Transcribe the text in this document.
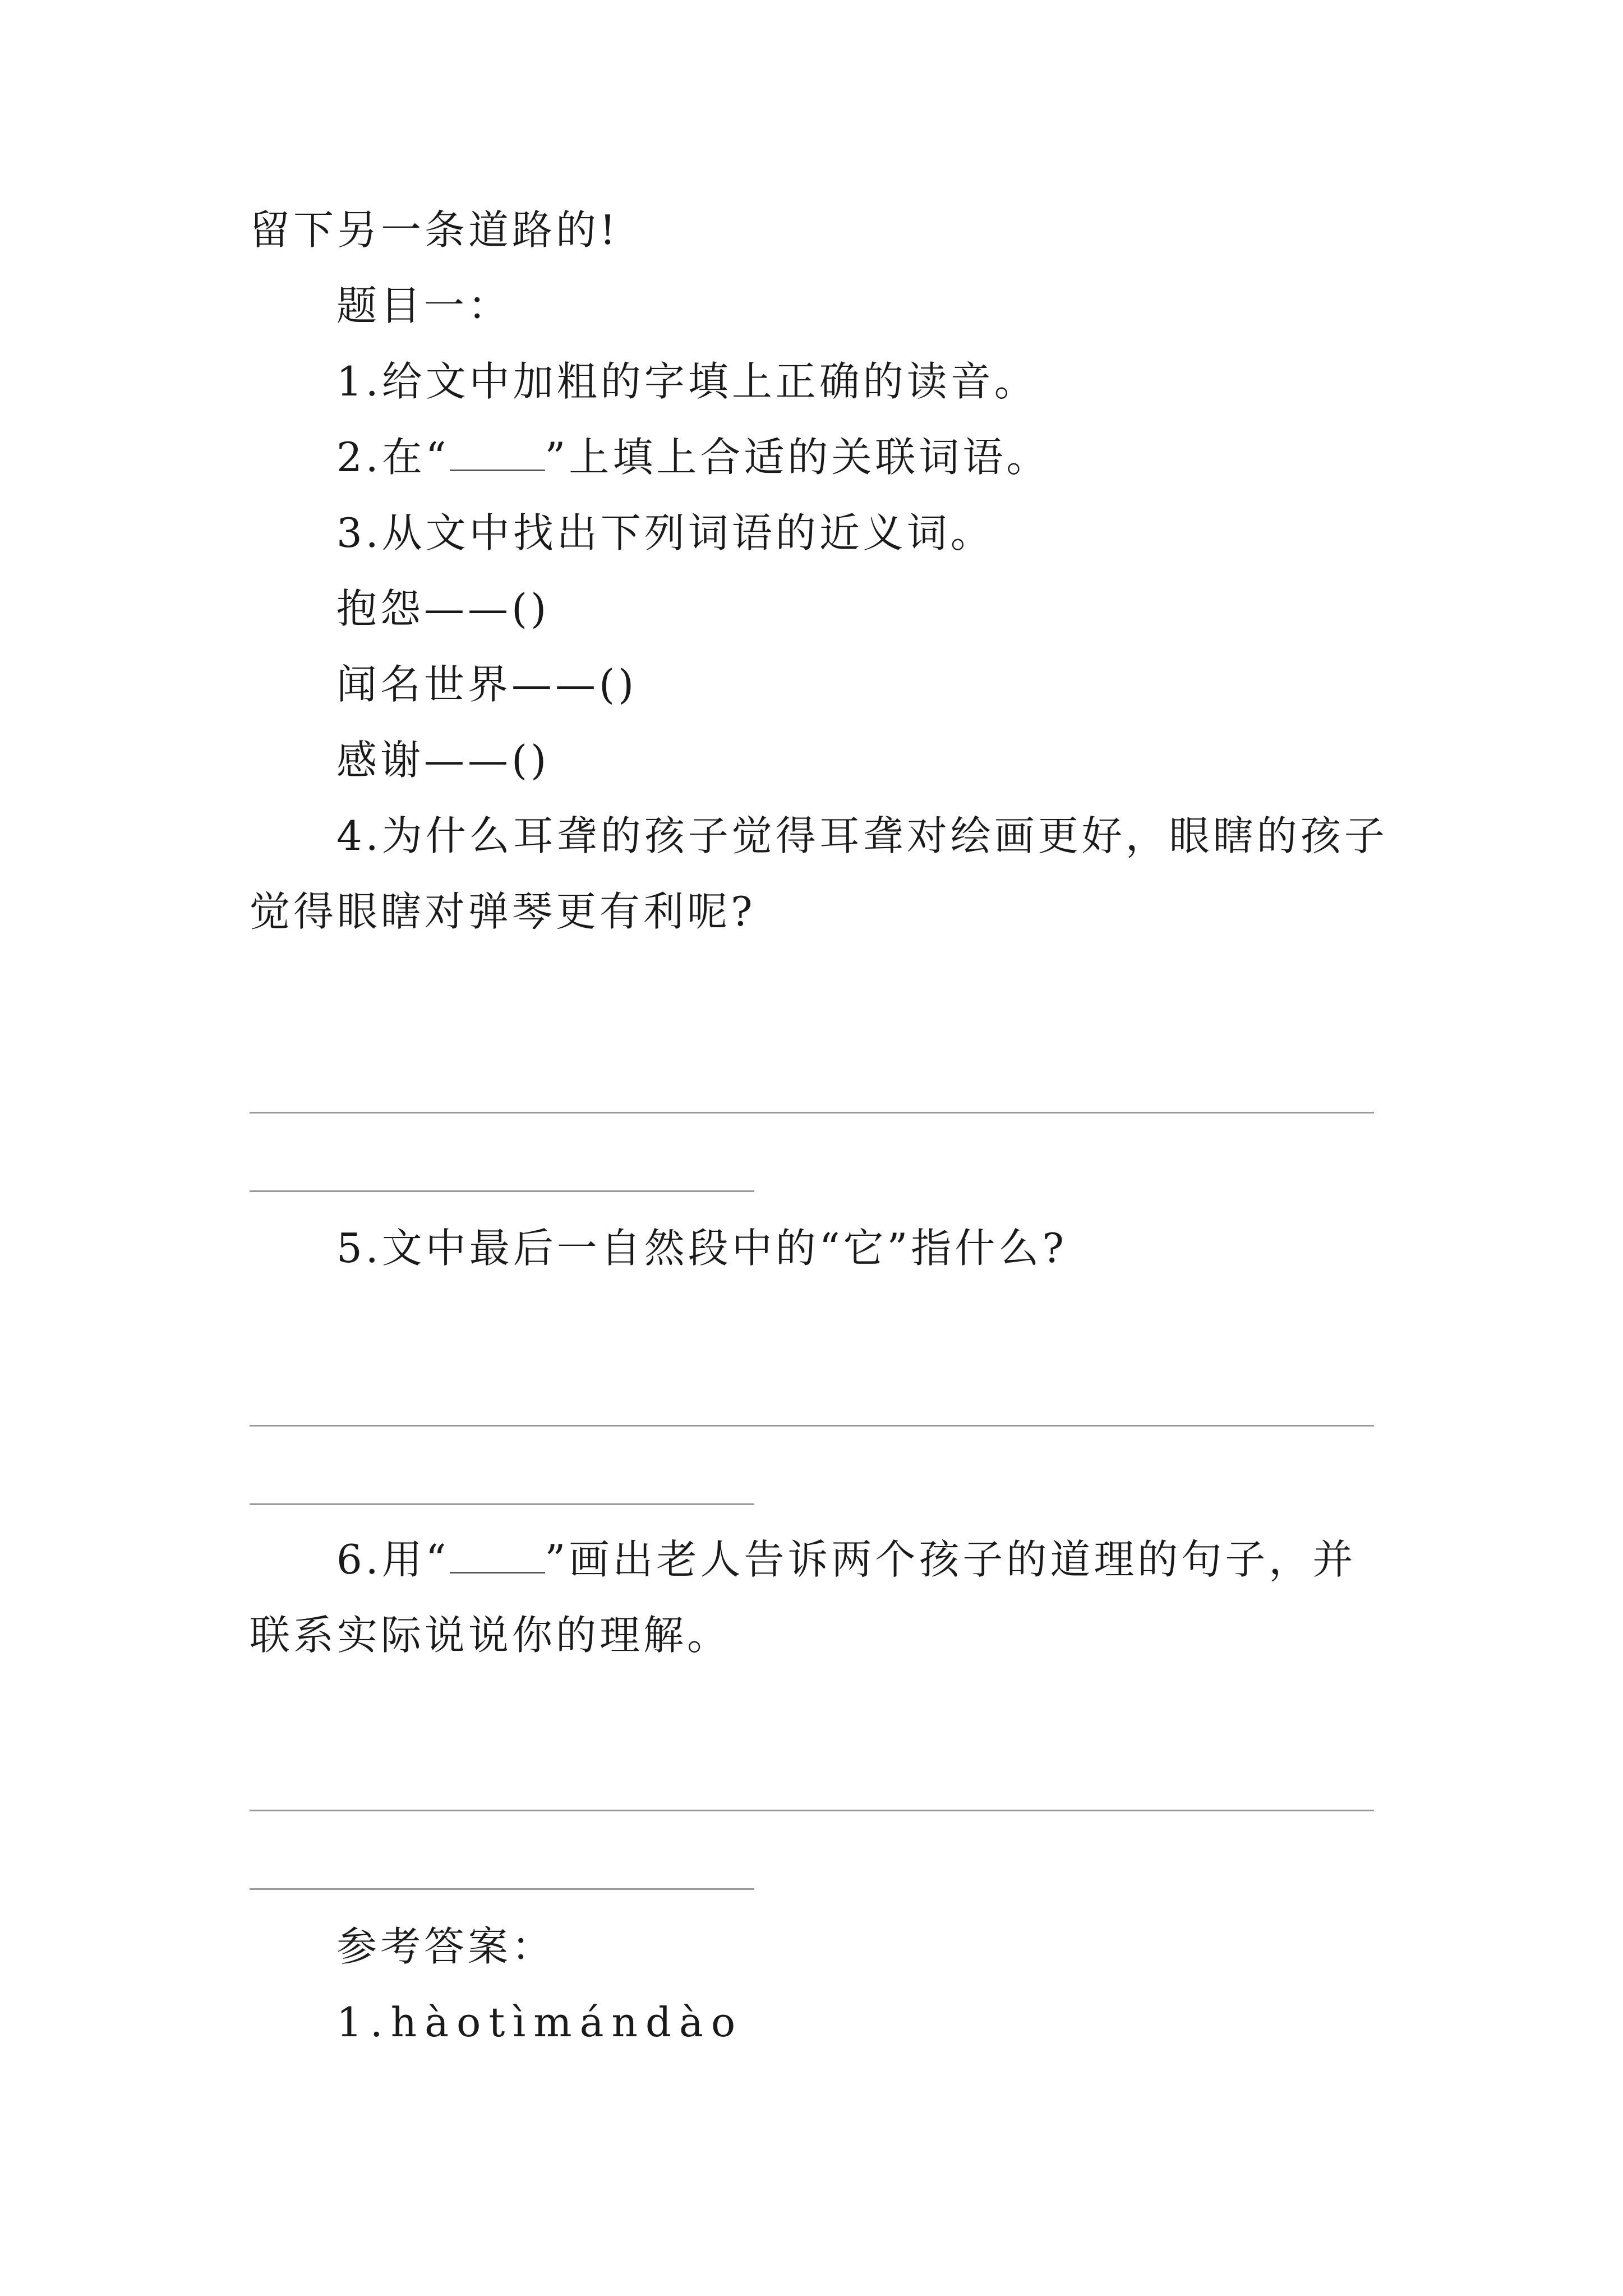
留下另一条道路的!
题目一：
1.给文中加粗的字填上正确的读音。
2.在“ ”上填上合适的关联词语。
3.从文中找出下列词语的近义词。
抱怨——()
闻名世界——()
感谢——()
4.为什么耳聋的孩子觉得耳聋对绘画更好，眼瞎的孩子
觉得眼瞎对弹琴更有利呢?
5.文中最后一自然段中的“它”指什么?
6.用“ ”画出老人告诉两个孩子的道理的句子，并
联系实际说说你的理解。
参考答案：
1.hàotìmándào
